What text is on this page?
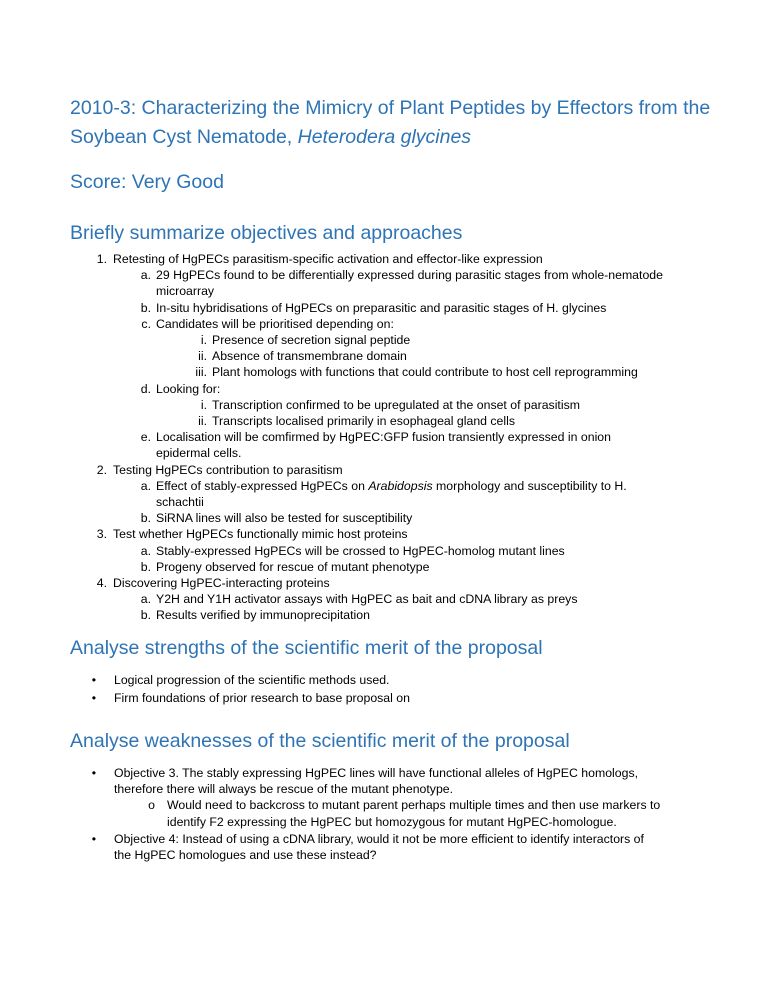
2010-3: Characterizing the Mimicry of Plant Peptides by Effectors from the
Soybean Cyst Nematode, Heterodera glycines
Score: Very Good
Briefly summarize objectives and approaches
1. Retesting of HgPECs parasitism-specific activation and effector-like expression
a. 29 HgPECs found to be differentially expressed during parasitic stages from whole-nematode
microarray
b. In-situ hybridisations of HgPECs on preparasitic and parasitic stages of H. glycines
c. Candidates will be prioritised depending on:
i. Presence of secretion signal peptide
ii. Absence of transmembrane domain
iii. Plant homologs with functions that could contribute to host cell reprogramming
d. Looking for:
i. Transcription confirmed to be upregulated at the onset of parasitism
ii. Transcripts localised primarily in esophageal gland cells
e. Localisation will be comfirmed by HgPEC:GFP fusion transiently expressed in onion
epidermal cells.
2. Testing HgPECs contribution to parasitism
a. Effect of stably-expressed HgPECs on Arabidopsis morphology and susceptibility to H.
schachtii
b. SiRNA lines will also be tested for susceptibility
3. Test whether HgPECs functionally mimic host proteins
a. Stably-expressed HgPECs will be crossed to HgPEC-homolog mutant lines
b. Progeny observed for rescue of mutant phenotype
4. Discovering HgPEC-interacting proteins
a. Y2H and Y1H activator assays with HgPEC as bait and cDNA library as preys
b. Results verified by immunoprecipitation
Analyse strengths of the scientific merit of the proposal
• Logical progression of the scientific methods used.
• Firm foundations of prior research to base proposal on
Analyse weaknesses of the scientific merit of the proposal
• Objective 3. The stably expressing HgPEC lines will have functional alleles of HgPEC homologs,
therefore there will always be rescue of the mutant phenotype.
o Would need to backcross to mutant parent perhaps multiple times and then use markers to
identify F2 expressing the HgPEC but homozygous for mutant HgPEC-homologue.
• Objective 4: Instead of using a cDNA library, would it not be more efficient to identify interactors of
the HgPEC homologues and use these instead?
